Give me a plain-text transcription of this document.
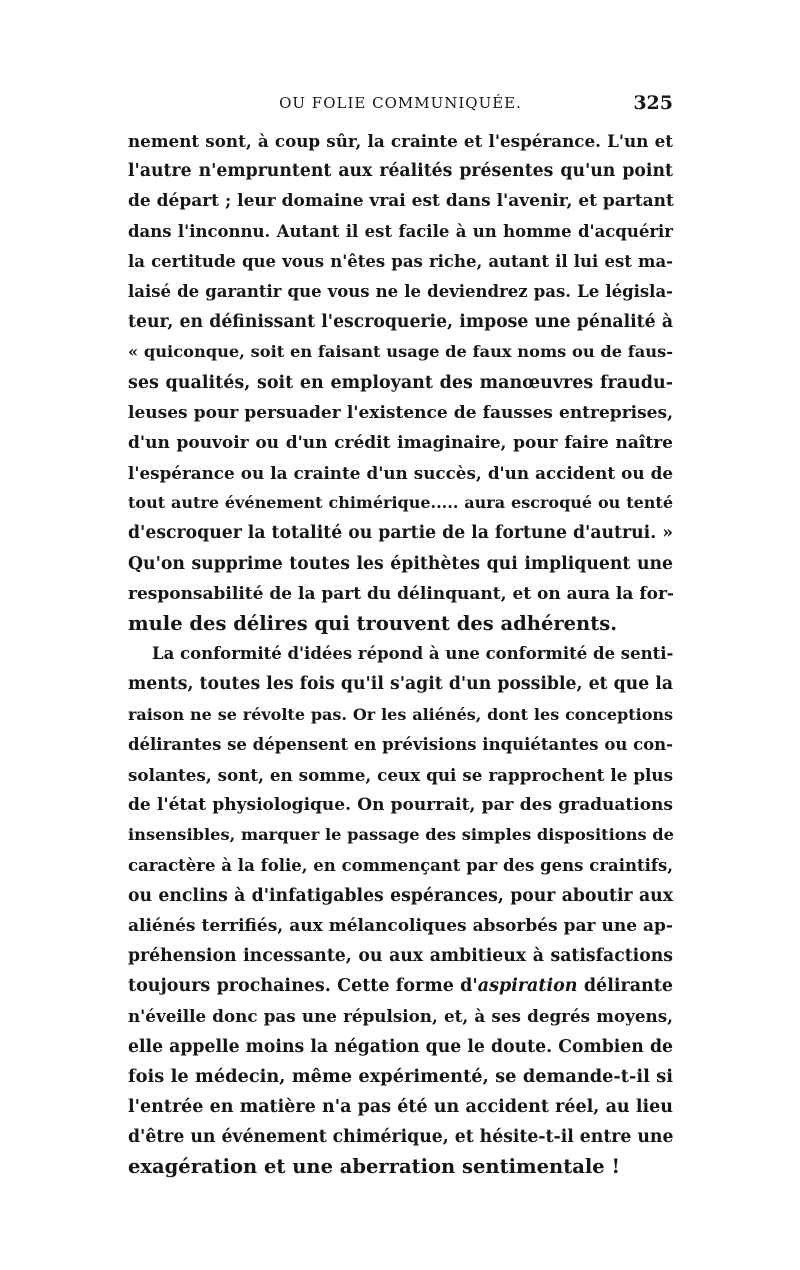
OU FOLIE COMMUNIQUÉE.	325
nement sont, à coup sûr, la crainte et l'espérance. L'un et
l'autre n'empruntent aux réalités présentes qu'un point
de départ ; leur domaine vrai est dans l'avenir, et partant
dans l'inconnu. Autant il est facile à un homme d'acquérir
la certitude que vous n'êtes pas riche, autant il lui est ma-
laisé de garantir que vous ne le deviendrez pas. Le législa-
teur, en définissant l'escroquerie, impose une pénalité à
« quiconque, soit en faisant usage de faux noms ou de faus-
ses qualités, soit en employant des manœuvres fraudu-
leuses pour persuader l'existence de fausses entreprises,
d'un pouvoir ou d'un crédit imaginaire, pour faire naître
l'espérance ou la crainte d'un succès, d'un accident ou de
tout autre événement chimérique..... aura escroqué ou tenté
d'escroquer la totalité ou partie de la fortune d'autrui. »
Qu'on supprime toutes les épithètes qui impliquent une
responsabilité de la part du délinquant, et on aura la for-
mule des délires qui trouvent des adhérents.
La conformité d'idées répond à une conformité de senti-
ments, toutes les fois qu'il s'agit d'un possible, et que la
raison ne se révolte pas. Or les aliénés, dont les conceptions
délirantes se dépensent en prévisions inquiétantes ou con-
solantes, sont, en somme, ceux qui se rapprochent le plus
de l'état physiologique. On pourrait, par des graduations
insensibles, marquer le passage des simples dispositions de
caractère à la folie, en commençant par des gens craintifs,
ou enclins à d'infatigables espérances, pour aboutir aux
aliénés terrifiés, aux mélancoliques absorbés par une ap-
préhension incessante, ou aux ambitieux à satisfactions
toujours prochaines. Cette forme d'aspiration délirante
n'éveille donc pas une répulsion, et, à ses degrés moyens,
elle appelle moins la négation que le doute. Combien de
fois le médecin, même expérimenté, se demande-t-il si
l'entrée en matière n'a pas été un accident réel, au lieu
d'être un événement chimérique, et hésite-t-il entre une
exagération et une aberration sentimentale !
